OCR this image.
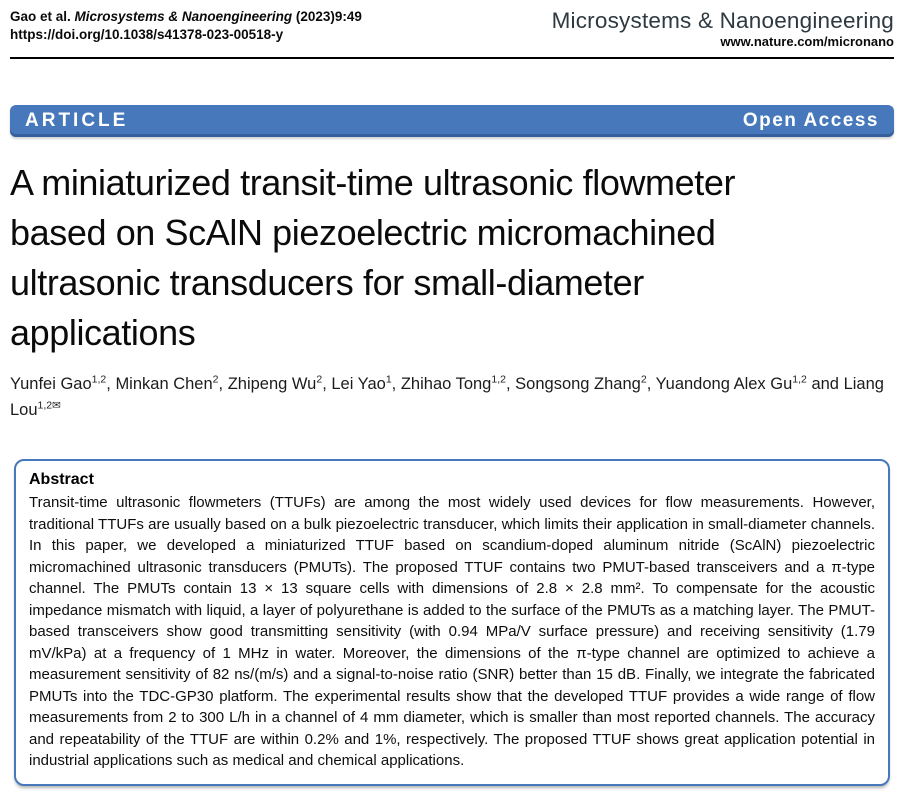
Gao et al. Microsystems & Nanoengineering (2023)9:49
https://doi.org/10.1038/s41378-023-00518-y
Microsystems & Nanoengineering
www.nature.com/micronano
ARTICLE	Open Access
A miniaturized transit-time ultrasonic flowmeter
based on ScAlN piezoelectric micromachined
ultrasonic transducers for small-diameter
applications
Yunfei Gao$^{1,2}$, Minkan Chen$^2$, Zhipeng Wu$^2$, Lei Yao$^1$, Zhihao Tong$^{1,2}$, Songsong Zhang$^2$, Yuandong Alex Gu$^{1,2}$ and Liang Lou$^{1,2✉}$
Abstract
Transit-time ultrasonic flowmeters (TTUFs) are among the most widely used devices for flow measurements. However, traditional TTUFs are usually based on a bulk piezoelectric transducer, which limits their application in small-diameter channels. In this paper, we developed a miniaturized TTUF based on scandium-doped aluminum nitride (ScAlN) piezoelectric micromachined ultrasonic transducers (PMUTs). The proposed TTUF contains two PMUT-based transceivers and a π-type channel. The PMUTs contain 13 × 13 square cells with dimensions of 2.8 × 2.8 mm². To compensate for the acoustic impedance mismatch with liquid, a layer of polyurethane is added to the surface of the PMUTs as a matching layer. The PMUT-based transceivers show good transmitting sensitivity (with 0.94 MPa/V surface pressure) and receiving sensitivity (1.79 mV/kPa) at a frequency of 1 MHz in water. Moreover, the dimensions of the π-type channel are optimized to achieve a measurement sensitivity of 82 ns/(m/s) and a signal-to-noise ratio (SNR) better than 15 dB. Finally, we integrate the fabricated PMUTs into the TDC-GP30 platform. The experimental results show that the developed TTUF provides a wide range of flow measurements from 2 to 300 L/h in a channel of 4 mm diameter, which is smaller than most reported channels. The accuracy and repeatability of the TTUF are within 0.2% and 1%, respectively. The proposed TTUF shows great application potential in industrial applications such as medical and chemical applications.
